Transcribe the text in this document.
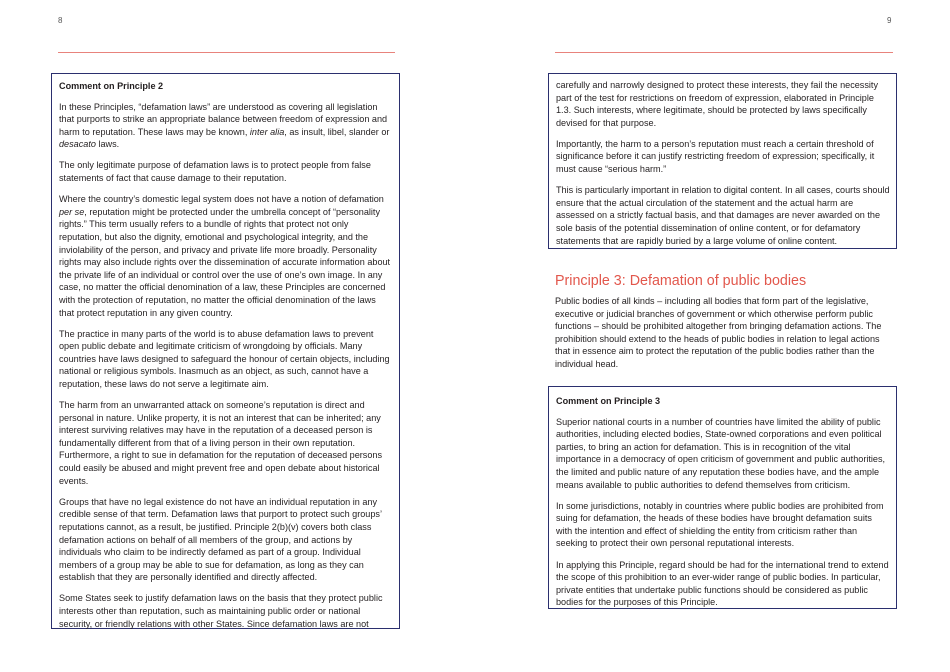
8	9

Comment on Principle 2

In these Principles, “defamation laws” are understood as covering all legislation that purports to strike an appropriate balance between freedom of expression and harm to reputation. These laws may be known, inter alia, as insult, libel, slander or desacato laws.

The only legitimate purpose of defamation laws is to protect people from false statements of fact that cause damage to their reputation.

Where the country’s domestic legal system does not have a notion of defamation per se, reputation might be protected under the umbrella concept of “personality rights.” This term usually refers to a bundle of rights that protect not only reputation, but also the dignity, emotional and psychological integrity, and the inviolability of the person, and privacy and private life more broadly. Personality rights may also include rights over the dissemination of accurate information about the private life of an individual or control over the use of one’s own image. In any case, no matter the official denomination of a law, these Principles are concerned with the protection of reputation, no matter the official denomination of the laws that protect reputation in any given country.

The practice in many parts of the world is to abuse defamation laws to prevent open public debate and legitimate criticism of wrongdoing by officials. Many countries have laws designed to safeguard the honour of certain objects, including national or religious symbols. Inasmuch as an object, as such, cannot have a reputation, these laws do not serve a legitimate aim.

The harm from an unwarranted attack on someone’s reputation is direct and personal in nature. Unlike property, it is not an interest that can be inherited; any interest surviving relatives may have in the reputation of a deceased person is fundamentally different from that of a living person in their own reputation. Furthermore, a right to sue in defamation for the reputation of deceased persons could easily be abused and might prevent free and open debate about historical events.

Groups that have no legal existence do not have an individual reputation in any credible sense of that term. Defamation laws that purport to protect such groups’ reputations cannot, as a result, be justified. Principle 2(b)(v) covers both class defamation actions on behalf of all members of the group, and actions by individuals who claim to be indirectly defamed as part of a group. Individual members of a group may be able to sue for defamation, as long as they can establish that they are personally identified and directly affected.

Some States seek to justify defamation laws on the basis that they protect public interests other than reputation, such as maintaining public order or national security, or friendly relations with other States. Since defamation laws are not

carefully and narrowly designed to protect these interests, they fail the necessity part of the test for restrictions on freedom of expression, elaborated in Principle 1.3. Such interests, where legitimate, should be protected by laws specifically devised for that purpose.

Importantly, the harm to a person’s reputation must reach a certain threshold of significance before it can justify restricting freedom of expression; specifically, it must cause “serious harm.”

This is particularly important in relation to digital content. In all cases, courts should ensure that the actual circulation of the statement and the actual harm are assessed on a strictly factual basis, and that damages are never awarded on the sole basis of the potential dissemination of online content, or for defamatory statements that are rapidly buried by a large volume of online content.

Principle 3: Defamation of public bodies

Public bodies of all kinds – including all bodies that form part of the legislative, executive or judicial branches of government or which otherwise perform public functions – should be prohibited altogether from bringing defamation actions. The prohibition should extend to the heads of public bodies in relation to legal actions that in essence aim to protect the reputation of the public bodies rather than the individual head.

Comment on Principle 3

Superior national courts in a number of countries have limited the ability of public authorities, including elected bodies, State-owned corporations and even political parties, to bring an action for defamation. This is in recognition of the vital importance in a democracy of open criticism of government and public authorities, the limited and public nature of any reputation these bodies have, and the ample means available to public authorities to defend themselves from criticism.

In some jurisdictions, notably in countries where public bodies are prohibited from suing for defamation, the heads of these bodies have brought defamation suits with the intention and effect of shielding the entity from criticism rather than seeking to protect their own personal reputational interests.

In applying this Principle, regard should be had for the international trend to extend the scope of this prohibition to an ever-wider range of public bodies. In particular, private entities that undertake public functions should be considered as public bodies for the purposes of this Principle.
